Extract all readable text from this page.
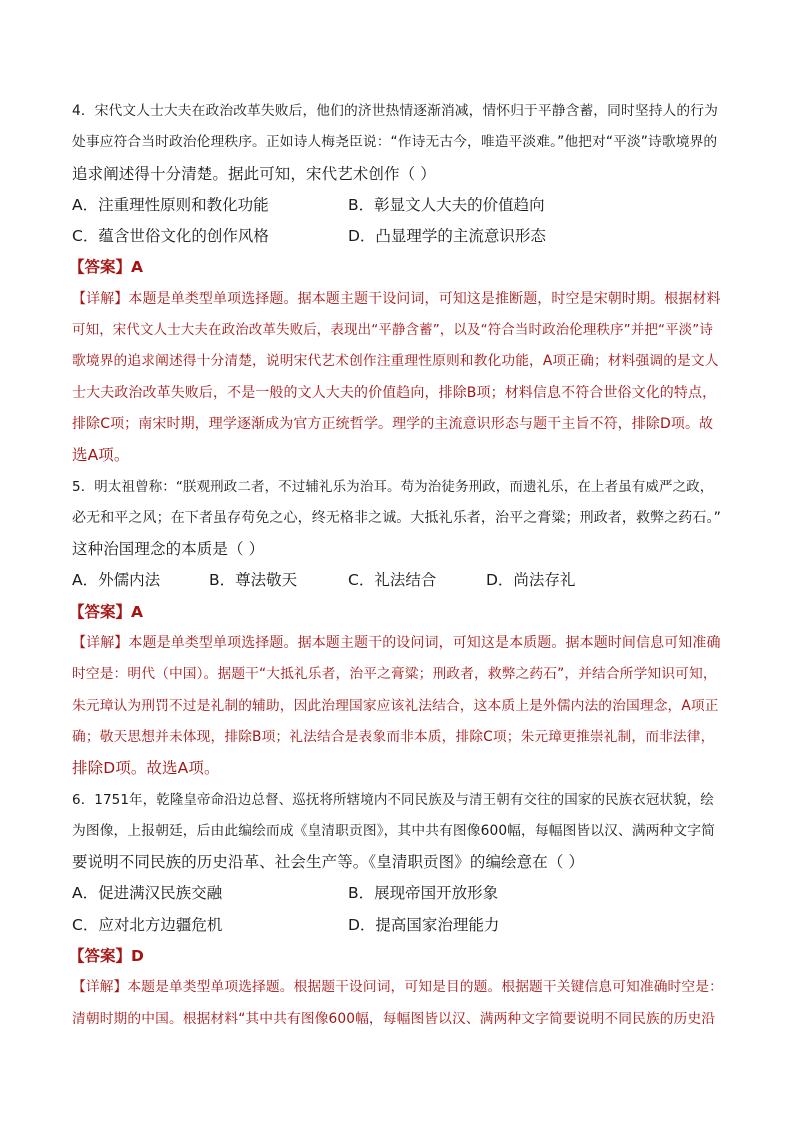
4．宋代文人士大夫在政治改革失败后，他们的济世热情逐渐消减，情怀归于平静含蓄，同时坚持人的行为
处事应符合当时政治伦理秩序。正如诗人梅尧臣说：“作诗无古今，唯造平淡难。”他把对“平淡”诗歌境界的
追求阐述得十分清楚。据此可知，宋代艺术创作（ ）
A．注重理性原则和教化功能	B．彰显文人大夫的价值趋向
C．蕴含世俗文化的创作风格	D．凸显理学的主流意识形态
【答案】A
【详解】本题是单类型单项选择题。据本题主题干设问词，可知这是推断题，时空是宋朝时期。根据材料
可知，宋代文人士大夫在政治改革失败后，表现出“平静含蓄”，以及“符合当时政治伦理秩序”并把“平淡”诗
歌境界的追求阐述得十分清楚，说明宋代艺术创作注重理性原则和教化功能，A项正确；材料强调的是文人
士大夫政治改革失败后，不是一般的文人大夫的价值趋向，排除B项；材料信息不符合世俗文化的特点，
排除C项；南宋时期，理学逐渐成为官方正统哲学。理学的主流意识形态与题干主旨不符，排除D项。故
选A项。
5．明太祖曾称：“朕观刑政二者，不过辅礼乐为治耳。苟为治徒务刑政，而遗礼乐，在上者虽有威严之政，
必无和平之风；在下者虽存苟免之心，终无格非之诚。大抵礼乐者，治平之膏粱；刑政者，救弊之药石。”
这种治国理念的本质是（ ）
A．外儒内法	B．尊法敬天	C．礼法结合	D．尚法存礼
【答案】A
【详解】本题是单类型单项选择题。据本题主题干的设问词，可知这是本质题。据本题时间信息可知准确
时空是：明代（中国）。据题干“大抵礼乐者，治平之膏粱；刑政者，救弊之药石”，并结合所学知识可知，
朱元璋认为刑罚不过是礼制的辅助，因此治理国家应该礼法结合，这本质上是外儒内法的治国理念，A项正
确；敬天思想并未体现，排除B项；礼法结合是表象而非本质，排除C项；朱元璋更推崇礼制，而非法律，
排除D项。故选A项。
6．1751年，乾隆皇帝命沿边总督、巡抚将所辖境内不同民族及与清王朝有交往的国家的民族衣冠状貌，绘
为图像，上报朝廷，后由此编绘而成《皇清职贡图》，其中共有图像600幅，每幅图皆以汉、满两种文字简
要说明不同民族的历史沿革、社会生产等。《皇清职贡图》的编绘意在（ ）
A．促进满汉民族交融	B．展现帝国开放形象
C．应对北方边疆危机	D．提高国家治理能力
【答案】D
【详解】本题是单类型单项选择题。根据题干设问词，可知是目的题。根据题干关键信息可知准确时空是：
清朝时期的中国。根据材料“其中共有图像600幅，每幅图皆以汉、满两种文字简要说明不同民族的历史沿
